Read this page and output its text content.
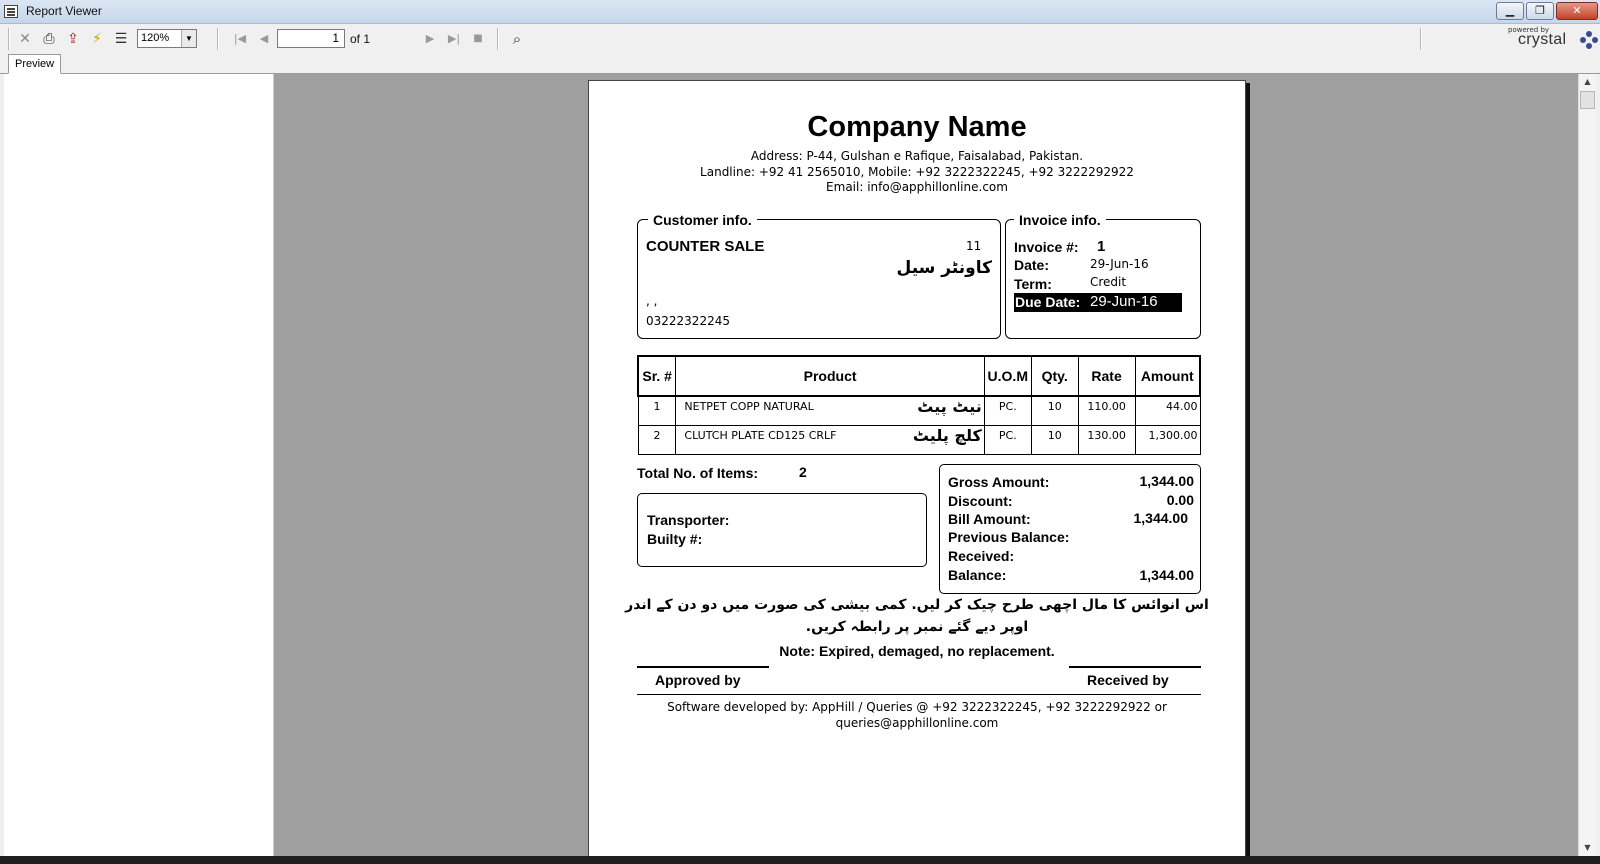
Report Viewer	▁	❐	✕
✕ ⎙ ⇪ ⚡ ☰	120%	▼	|◀	◀	1 of 1	▶	▶|	■	⌕	powered by
crystal
Preview
Company Name
Address: P-44, Gulshan e Rafique, Faisalabad, Pakistan.
Landline: +92 41 2565010, Mobile: +92 3222322245, +92 3222292922
Email: info@apphillonline.com
Customer info.
COUNTER SALE	11
کاونٹر سیل
, ,
03222322245
Invoice info.
Invoice #: 1
Date:	29-Jun-16
Term:	Credit
Due Date: 29-Jun-16
Sr. #	Product	U.O.M	Qty.	Rate	Amount
1	NETPET COPP NATURAL نیٹ پیٹ	PC.	10	110.00	44.00
2	CLUTCH PLATE CD125 CRLF کلچ پلیٹ	PC.	10	130.00	1,300.00
Total No. of Items:	2
Transporter:
Builty #:
Gross Amount:	1,344.00
Discount:	0.00
Bill Amount:	1,344.00
Previous Balance:
Received:
Balance:	1,344.00
اس انوائس کا مال اچھی طرح چیک کر لیں. کمی بیشی کی صورت میں دو دن کے اندر
اوپر دیے گئے نمبر پر رابطہ کریں.
Note: Expired, demaged, no replacement.
Approved by	Received by
Software developed by: AppHill / Queries @ +92 3222322245, +92 3222292922 or
queries@apphillonline.com
▲
▼
